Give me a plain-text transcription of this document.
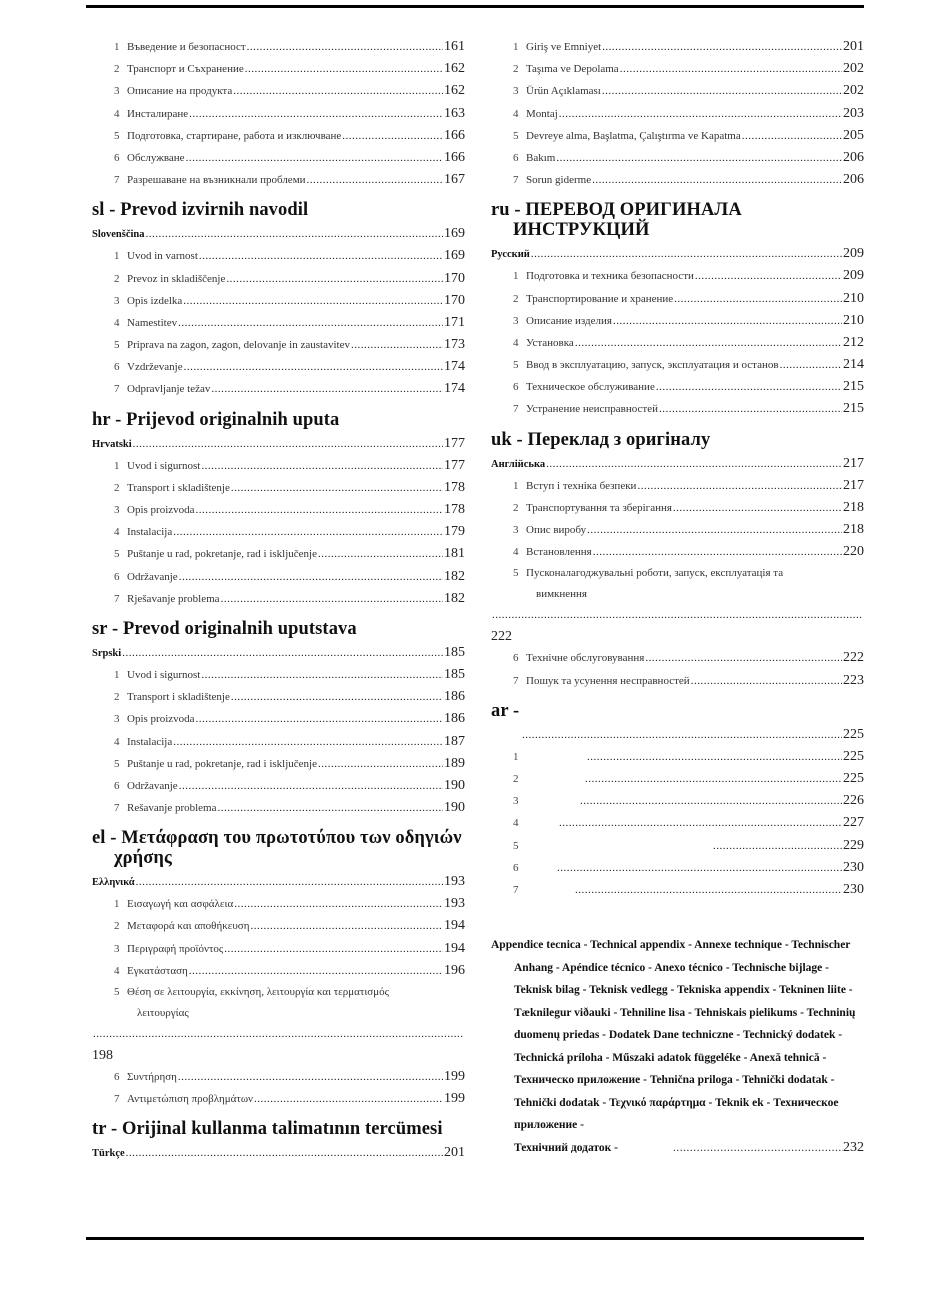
1 Въведение и безопасност .....	161
2 Транспорт и Съхранение .....	162
3 Описание на продукта .....	162
4 Инсталиране .....	163
5 Подготовка, стартиране, работа и изключване .....	166
6 Обслужване .....	166
7 Разрешаване на възникнали проблеми .....	167
sl - Prevod izvirnih navodil
Slovenščina .....	169
1 Uvod in varnost .....	169
2 Prevoz in skladiščenje .....	170
3 Opis izdelka .....	170
4 Namestitev .....	171
5 Priprava na zagon, zagon, delovanje in zaustavitev .....	173
6 Vzdrževanje .....	174
7 Odpravljanje težav .....	174
hr - Prijevod originalnih uputa
Hrvatski .....	177
1 Uvod i sigurnost .....	177
2 Transport i skladištenje .....	178
3 Opis proizvoda .....	178
4 Instalacija .....	179
5 Puštanje u rad, pokretanje, rad i isključenje .....	181
6 Održavanje .....	182
7 Rješavanje problema .....	182
sr - Prevod originalnih uputstava
Srpski .....	185
1 Uvod i sigurnost .....	185
2 Transport i skladištenje .....	186
3 Opis proizvoda .....	186
4 Instalacija .....	187
5 Puštanje u rad, pokretanje, rad i isključenje .....	189
6 Održavanje .....	190
7 Rešavanje problema .....	190
el - Μετάφραση του πρωτοτύπου των οδηγιών χρήσης
Ελληνικά .....	193
1 Εισαγωγή και ασφάλεια .....	193
2 Μεταφορά και αποθήκευση .....	194
3 Περιγραφή προϊόντος .....	194
4 Εγκατάσταση .....	196
5 Θέση σε λειτουργία, εκκίνηση, λειτουργία και τερματισμός
λειτουργίας
.....
198
6 Συντήρηση .....	199
7 Αντιμετώπιση προβλημάτων .....	199
tr - Orijinal kullanma talimatının tercümesi
Türkçe .....	201
1 Giriş ve Emniyet .....	201
2 Taşıma ve Depolama .....	202
3 Ürün Açıklaması .....	202
4 Montaj .....	203
5 Devreye alma, Başlatma, Çalıştırma ve Kapatma .....	205
6 Bakım .....	206
7 Sorun giderme .....	206
ru - ПЕРЕВОД ОРИГИНАЛА ИНСТРУКЦИЙ
Русский .....	209
1 Подготовка и техника безопасности .....	209
2 Транспортирование и хранение .....	210
3 Описание изделия .....	210
4 Установка .....	212
5 Ввод в эксплуатацию, запуск, эксплуатация и останов .....	214
6 Техническое обслуживание .....	215
7 Устранение неисправностей .....	215
uk - Переклад з оригіналу
Англійська .....	217
1 Вступ і техніка безпеки .....	217
2 Транспортування та зберігання .....	218
3 Опис виробу .....	218
4 Встановлення .....	220
5 Пусконалагоджувальні роботи, запуск, експлуатація та
вимкнення
.....
222
6 Технічне обслуговування .....	222
7 Пошук та усунення несправностей .....	223
ar -
.....
225
1 .....	225
2 .....	225
3 .....	226
4 .....	227
5 .....	229
6 .....	230
7 .....	230
Appendice tecnica - Technical appendix - Annexe technique - Technischer Anhang - Apéndice técnico - Anexo técnico - Technische bijlage - Teknisk bilag - Teknisk vedlegg - Tekniska appendix - Tekninen liite - Tæknilegur viðauki - Tehniline lisa - Tehniskais pielikums - Techninių duomenų priedas - Dodatek Dane techniczne - Technický dodatek - Technická príloha - Műszaki adatok függeléke - Anexă tehnică - Техническо приложение - Tehnična priloga - Tehnički dodatak - Tehnički dodatak - Τεχνικό παράρτημα - Teknik ek - Техническое приложение -
Технічний додаток - .....	232
